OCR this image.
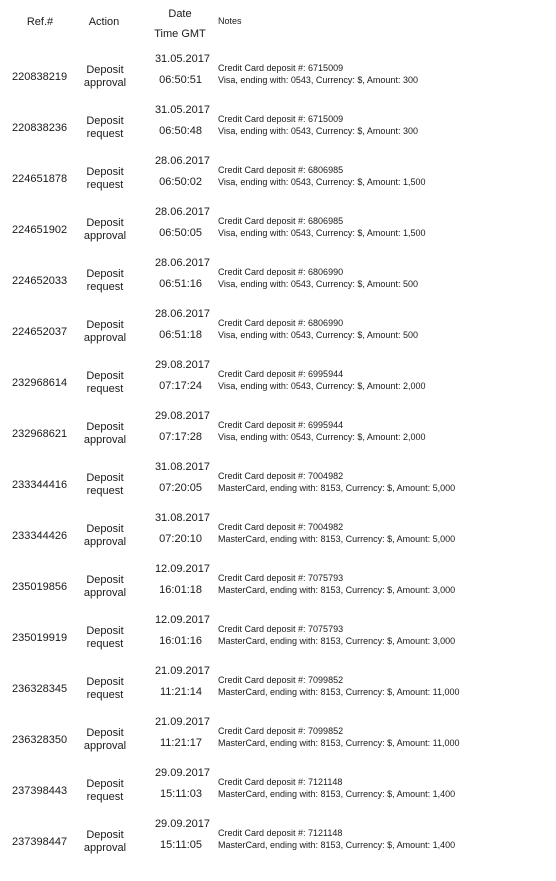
Ref.#	Action
Date
Time GMT
Notes
220838219
Deposit approval
31.05.2017
06:50:51
Credit Card deposit #: 6715009
Visa, ending with: 0543, Currency: $, Amount: 300
220838236
Deposit request
31.05.2017
06:50:48
Credit Card deposit #: 6715009
Visa, ending with: 0543, Currency: $, Amount: 300
224651878
Deposit request
28.06.2017
06:50:02
Credit Card deposit #: 6806985
Visa, ending with: 0543, Currency: $, Amount: 1,500
224651902
Deposit approval
28.06.2017
06:50:05
Credit Card deposit #: 6806985
Visa, ending with: 0543, Currency: $, Amount: 1,500
224652033
Deposit request
28.06.2017
06:51:16
Credit Card deposit #: 6806990
Visa, ending with: 0543, Currency: $, Amount: 500
224652037
Deposit approval
28.06.2017
06:51:18
Credit Card deposit #: 6806990
Visa, ending with: 0543, Currency: $, Amount: 500
232968614
Deposit request
29.08.2017
07:17:24
Credit Card deposit #: 6995944
Visa, ending with: 0543, Currency: $, Amount: 2,000
232968621
Deposit approval
29.08.2017
07:17:28
Credit Card deposit #: 6995944
Visa, ending with: 0543, Currency: $, Amount: 2,000
233344416
Deposit request
31.08.2017
07:20:05
Credit Card deposit #: 7004982
MasterCard, ending with: 8153, Currency: $, Amount: 5,000
233344426
Deposit approval
31.08.2017
07:20:10
Credit Card deposit #: 7004982
MasterCard, ending with: 8153, Currency: $, Amount: 5,000
235019856
Deposit approval
12.09.2017
16:01:18
Credit Card deposit #: 7075793
MasterCard, ending with: 8153, Currency: $, Amount: 3,000
235019919
Deposit request
12.09.2017
16:01:16
Credit Card deposit #: 7075793
MasterCard, ending with: 8153, Currency: $, Amount: 3,000
236328345
Deposit request
21.09.2017
11:21:14
Credit Card deposit #: 7099852
MasterCard, ending with: 8153, Currency: $, Amount: 11,000
236328350
Deposit approval
21.09.2017
11:21:17
Credit Card deposit #: 7099852
MasterCard, ending with: 8153, Currency: $, Amount: 11,000
237398443
Deposit request
29.09.2017
15:11:03
Credit Card deposit #: 7121148
MasterCard, ending with: 8153, Currency: $, Amount: 1,400
237398447
Deposit approval
29.09.2017
15:11:05
Credit Card deposit #: 7121148
MasterCard, ending with: 8153, Currency: $, Amount: 1,400
